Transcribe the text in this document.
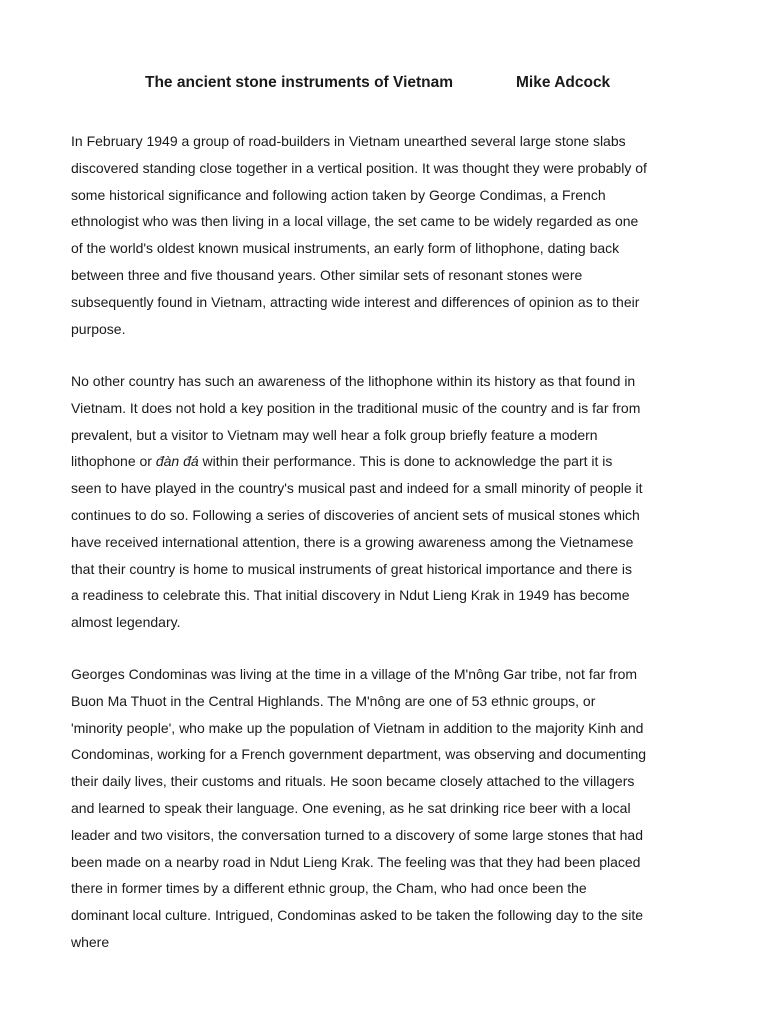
The ancient stone instruments of Vietnam	Mike Adcock
In February 1949 a group of road-builders in Vietnam unearthed several large stone slabs
discovered standing close together in a vertical position. It was thought they were probably of
some historical significance and following action taken by George Condimas, a French
ethnologist who was then living in a local village, the set came to be widely regarded as one
of the world's oldest known musical instruments, an early form of lithophone, dating back
between three and five thousand years. Other similar sets of resonant stones were
subsequently found in Vietnam, attracting wide interest and differences of opinion as to their
purpose.
No other country has such an awareness of the lithophone within its history as that found in
Vietnam. It does not hold a key position in the traditional music of the country and is far from
prevalent, but a visitor to Vietnam may well hear a folk group briefly feature a modern
lithophone or đàn đá within their performance. This is done to acknowledge the part it is
seen to have played in the country's musical past and indeed for a small minority of people it
continues to do so. Following a series of discoveries of ancient sets of musical stones which
have received international attention, there is a growing awareness among the Vietnamese
that their country is home to musical instruments of great historical importance and there is
a readiness to celebrate this. That initial discovery in Ndut Lieng Krak in 1949 has become
almost legendary.
Georges Condominas was living at the time in a village of the M'nông Gar tribe, not far from
Buon Ma Thuot in the Central Highlands. The M'nông are one of 53 ethnic groups, or
'minority people', who make up the population of Vietnam in addition to the majority Kinh and
Condominas, working for a French government department, was observing and documenting
their daily lives, their customs and rituals. He soon became closely attached to the villagers
and learned to speak their language. One evening, as he sat drinking rice beer with a local
leader and two visitors, the conversation turned to a discovery of some large stones that had
been made on a nearby road in Ndut Lieng Krak. The feeling was that they had been placed
there in former times by a different ethnic group, the Cham, who had once been the
dominant local culture. Intrigued, Condominas asked to be taken the following day to the site
where
